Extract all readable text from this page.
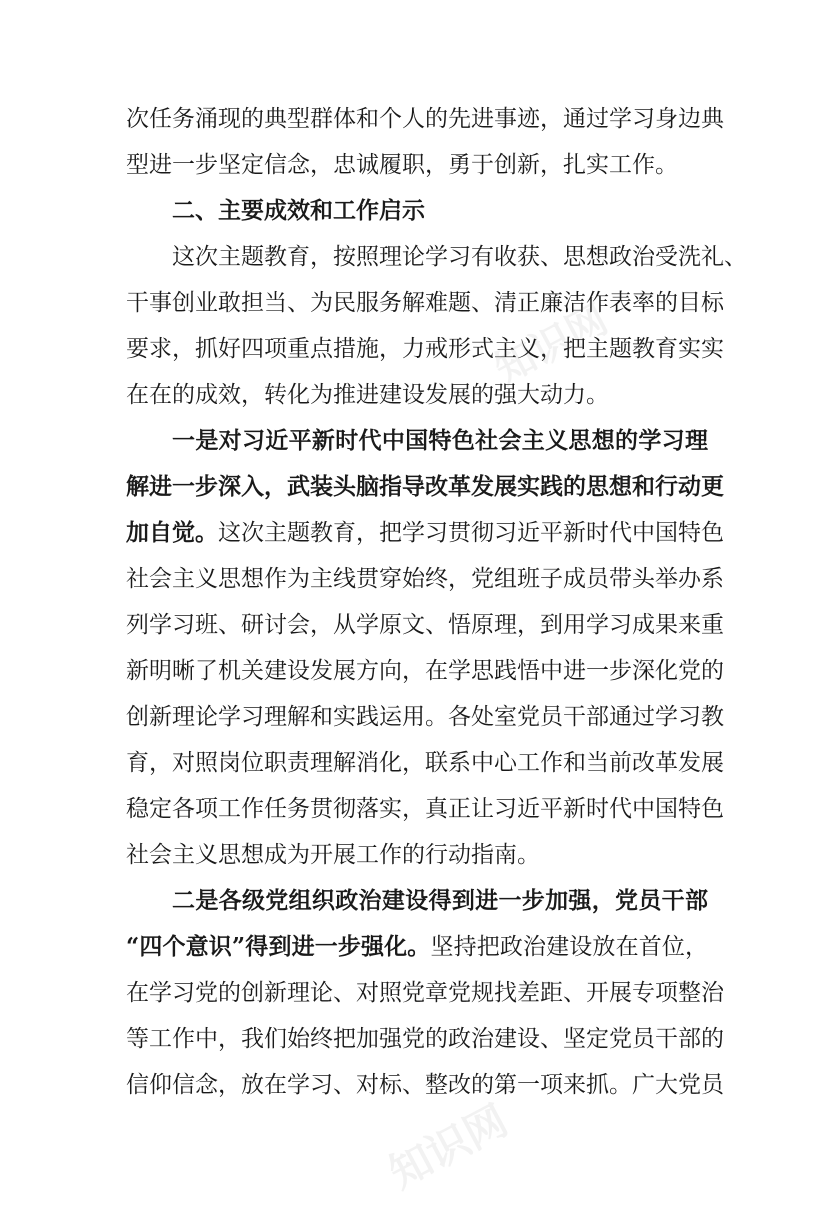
次任务涌现的典型群体和个人的先进事迹，通过学习身边典
型进一步坚定信念，忠诚履职，勇于创新，扎实工作。
二、主要成效和工作启示
这次主题教育，按照理论学习有收获、思想政治受洗礼、
干事创业敢担当、为民服务解难题、清正廉洁作表率的目标
要求，抓好四项重点措施，力戒形式主义，把主题教育实实
在在的成效，转化为推进建设发展的强大动力。
一是对习近平新时代中国特色社会主义思想的学习理
解进一步深入，武装头脑指导改革发展实践的思想和行动更
加自觉。这次主题教育，把学习贯彻习近平新时代中国特色
社会主义思想作为主线贯穿始终，党组班子成员带头举办系
列学习班、研讨会，从学原文、悟原理，到用学习成果来重
新明晰了机关建设发展方向，在学思践悟中进一步深化党的
创新理论学习理解和实践运用。各处室党员干部通过学习教
育，对照岗位职责理解消化，联系中心工作和当前改革发展
稳定各项工作任务贯彻落实，真正让习近平新时代中国特色
社会主义思想成为开展工作的行动指南。
二是各级党组织政治建设得到进一步加强，党员干部
“四个意识”得到进一步强化。坚持把政治建设放在首位，
在学习党的创新理论、对照党章党规找差距、开展专项整治
等工作中，我们始终把加强党的政治建设、坚定党员干部的
信仰信念，放在学习、对标、整改的第一项来抓。广大党员
知识网
知识网
